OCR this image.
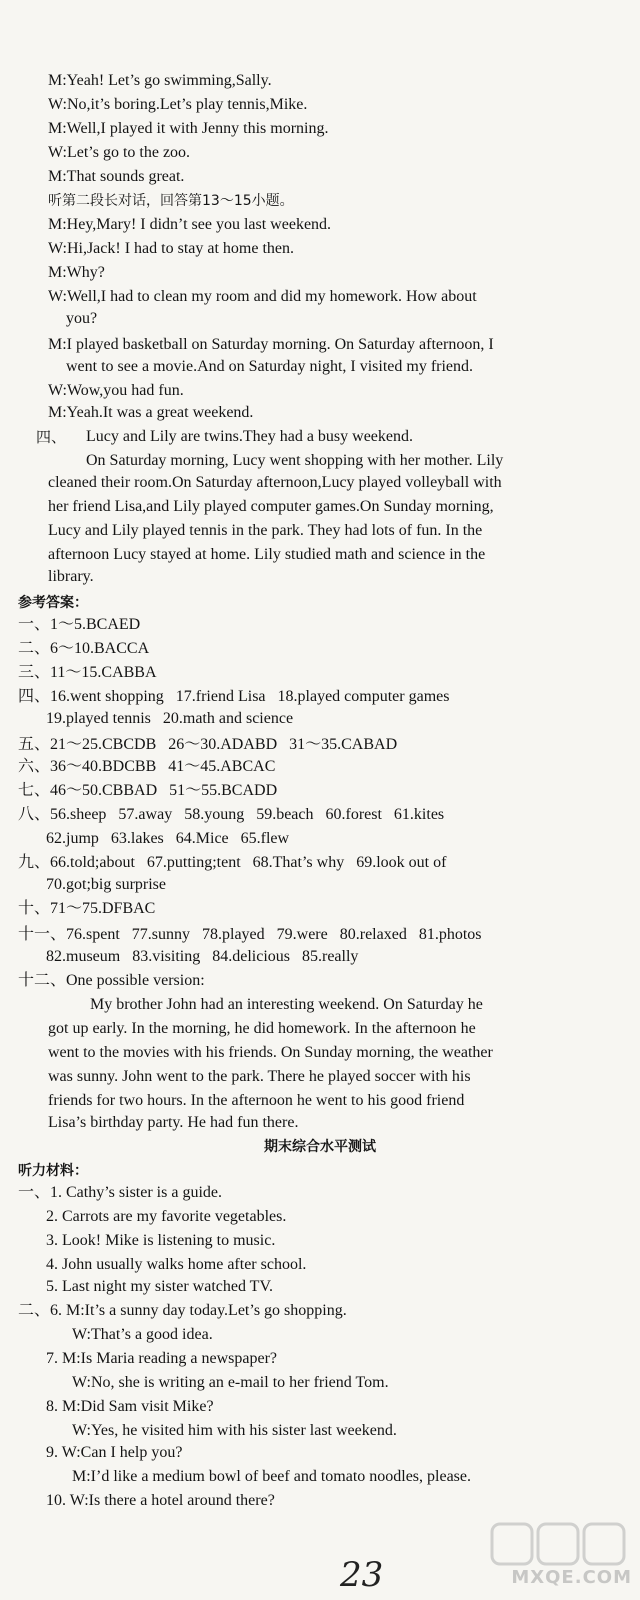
M:Yeah! Let’s go swimming,Sally.
W:No,it’s boring.Let’s play tennis,Mike.
M:Well,I played it with Jenny this morning.
W:Let’s go to the zoo.
M:That sounds great.
听第二段长对话，回答第13～15小题。
M:Hey,Mary! I didn’t see you last weekend.
W:Hi,Jack! I had to stay at home then.
M:Why?
W:Well,I had to clean my room and did my homework. How about
you?
M:I played basketball on Saturday morning. On Saturday afternoon, I
went to see a movie.And on Saturday night, I visited my friend.
W:Wow,you had fun.
M:Yeah.It was a great weekend.
四、	Lucy and Lily are twins.They had a busy weekend.
On Saturday morning, Lucy went shopping with her mother. Lily
cleaned their room.On Saturday afternoon,Lucy played volleyball with
her friend Lisa,and Lily played computer games.On Sunday morning,
Lucy and Lily played tennis in the park. They had lots of fun. In the
afternoon Lucy stayed at home. Lily studied math and science in the
library.
参考答案：
一、1～5.BCAED
二、6～10.BACCA
三、11～15.CABBA
四、16.went shopping   17.friend Lisa   18.played computer games
19.played tennis   20.math and science
五、21～25.CBCDB   26～30.ADABD   31～35.CABAD
六、36～40.BDCBB   41～45.ABCAC
七、46～50.CBBAD   51～55.BCADD
八、56.sheep   57.away   58.young   59.beach   60.forest   61.kites
62.jump   63.lakes   64.Mice   65.flew
九、66.told;about   67.putting;tent   68.That’s why   69.look out of
70.got;big surprise
十、71～75.DFBAC
十一、76.spent   77.sunny   78.played   79.were   80.relaxed   81.photos
82.museum   83.visiting   84.delicious   85.really
十二、One possible version:
My brother John had an interesting weekend. On Saturday he
got up early. In the morning, he did homework. In the afternoon he
went to the movies with his friends. On Sunday morning, the weather
was sunny. John went to the park. There he played soccer with his
friends for two hours. In the afternoon he went to his good friend
Lisa’s birthday party. He had fun there.
期末综合水平测试
听力材料：
一、1. Cathy’s sister is a guide.
2. Carrots are my favorite vegetables.
3. Look! Mike is listening to music.
4. John usually walks home after school.
5. Last night my sister watched TV.
二、6. M:It’s a sunny day today.Let’s go shopping.
W:That’s a good idea.
7. M:Is Maria reading a newspaper?
W:No, she is writing an e-mail to her friend Tom.
8. M:Did Sam visit Mike?
W:Yes, he visited him with his sister last weekend.
9. W:Can I help you?
M:I’d like a medium bowl of beef and tomato noodles, please.
10. W:Is there a hotel around there?
23	MXQE.COM
